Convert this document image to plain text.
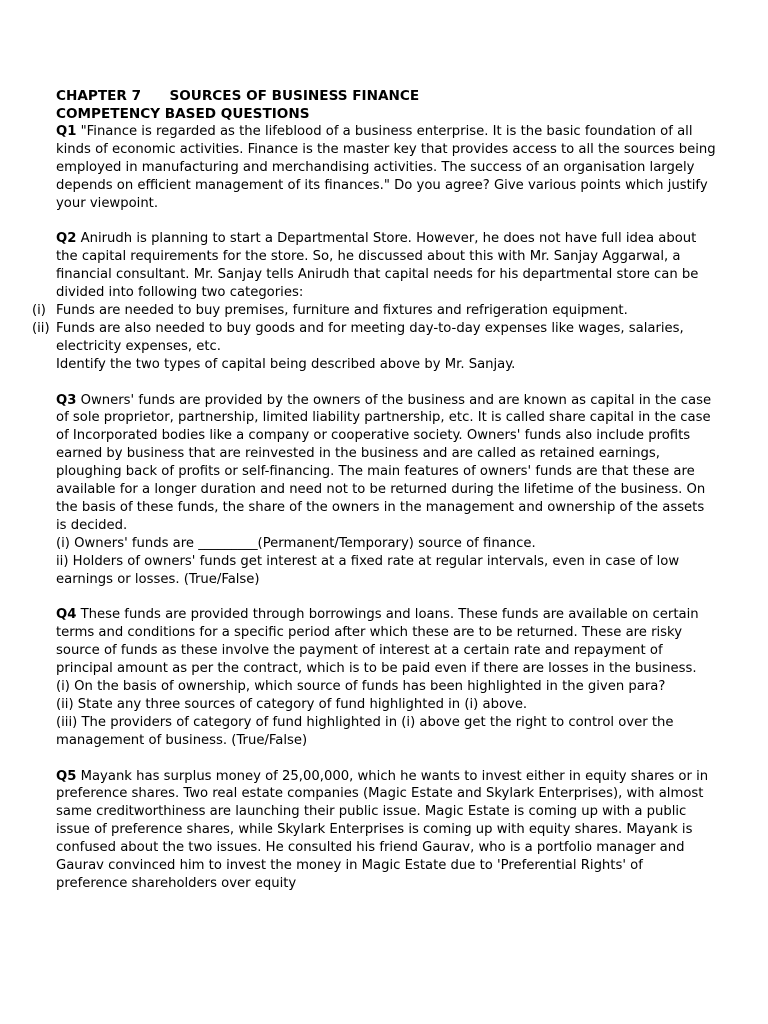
CHAPTER 7      SOURCES OF BUSINESS FINANCE
COMPETENCY BASED QUESTIONS

Q1 "Finance is regarded as the lifeblood of a business enterprise. It is the basic foundation of all kinds of economic activities. Finance is the master key that provides access to all the sources being employed in manufacturing and merchandising activities. The success of an organisation largely depends on efficient management of its finances." Do you agree? Give various points which justify your viewpoint.

Q2 Anirudh is planning to start a Departmental Store. However, he does not have full idea about the capital requirements for the store. So, he discussed about this with Mr. Sanjay Aggarwal, a financial consultant. Mr. Sanjay tells Anirudh that capital needs for his departmental store can be divided into following two categories:

(i) Funds are needed to buy premises, furniture and fixtures and refrigeration equipment.
(ii) Funds are also needed to buy goods and for meeting day-to-day expenses like wages, salaries, electricity expenses, etc.

Identify the two types of capital being described above by Mr. Sanjay.

Q3 Owners' funds are provided by the owners of the business and are known as capital in the case of sole proprietor, partnership, limited liability partnership, etc. It is called share capital in the case of Incorporated bodies like a company or cooperative society. Owners' funds also include profits earned by business that are reinvested in the business and are called as retained earnings, ploughing back of profits or self-financing. The main features of owners' funds are that these are available for a longer duration and need not to be returned during the lifetime of the business. On the basis of these funds, the share of the owners in the management and ownership of the assets is decided.

(i) Owners' funds are _________(Permanent/Temporary) source of finance.

ii) Holders of owners' funds get interest at a fixed rate at regular intervals, even in case of low earnings or losses. (True/False)

Q4 These funds are provided through borrowings and loans. These funds are available on certain terms and conditions for a specific period after which these are to be returned. These are risky source of funds as these involve the payment of interest at a certain rate and repayment of principal amount as per the contract, which is to be paid even if there are losses in the business.

(i) On the basis of ownership, which source of funds has been highlighted in the given para?

(ii) State any three sources of category of fund highlighted in (i) above.

(iii) The providers of category of fund highlighted in (i) above get the right to control over the management of business. (True/False)

Q5 Mayank has surplus money of 25,00,000, which he wants to invest either in equity shares or in preference shares. Two real estate companies (Magic Estate and Skylark Enterprises), with almost same creditworthiness are launching their public issue. Magic Estate is coming up with a public issue of preference shares, while Skylark Enterprises is coming up with equity shares. Mayank is confused about the two issues. He consulted his friend Gaurav, who is a portfolio manager and Gaurav convinced him to invest the money in Magic Estate due to 'Preferential Rights' of preference shareholders over equity
